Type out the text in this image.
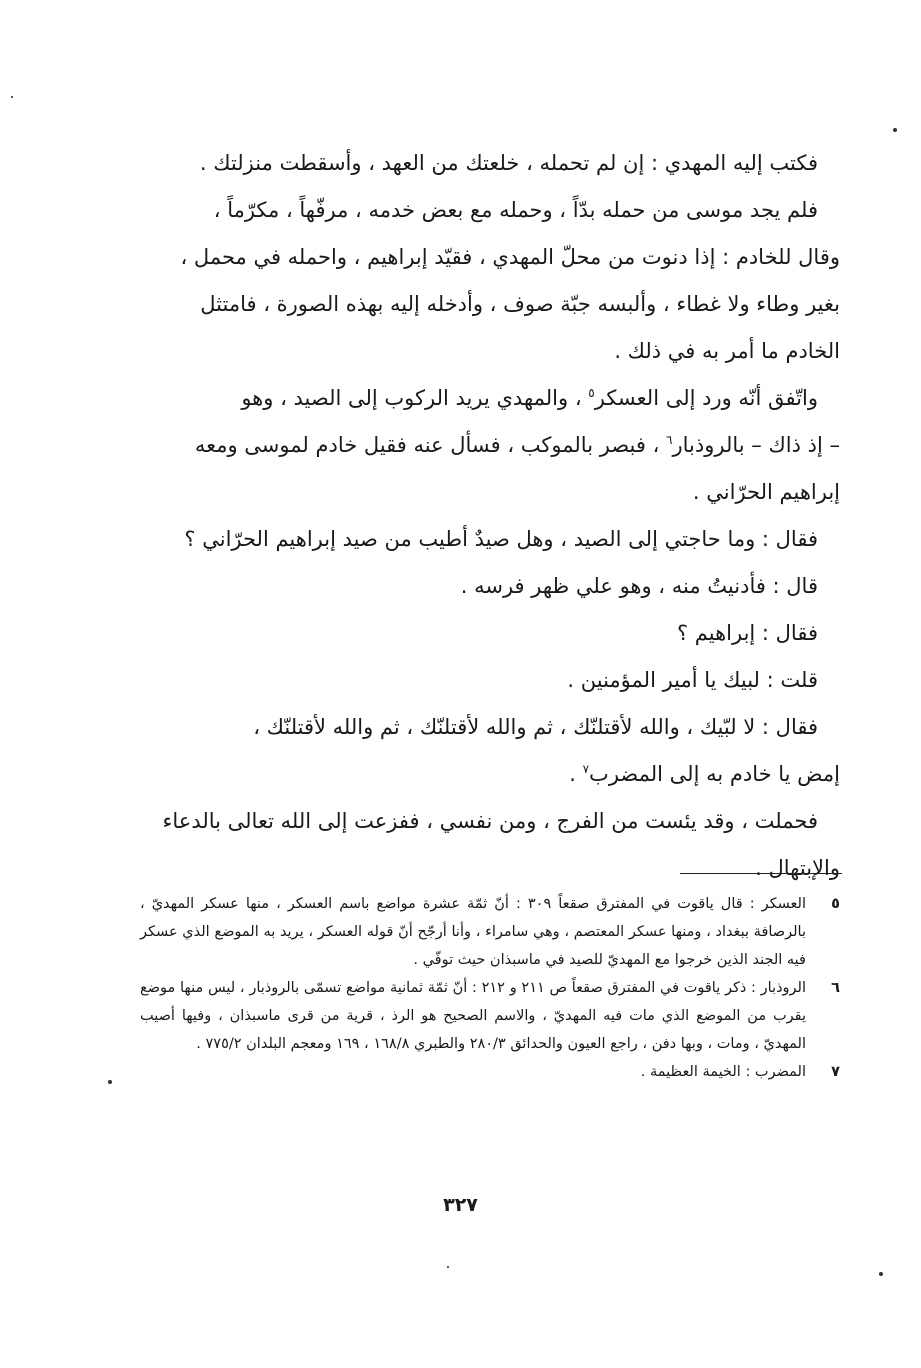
فكتب إليه المهدي : إن لم تحمله ، خلعتك من العهد ، وأسقطت منزلتك .

فلم يجد موسى من حمله بدّاً ، وحمله مع بعض خدمه ، مرفّهاً ، مكرّماً ،
وقال للخادم : إذا دنوت من محلّ المهدي ، فقيّد إبراهيم ، واحمله في محمل ،
بغير وطاء ولا غطاء ، وألبسه جبّة صوف ، وأدخله إليه بهذه الصورة ، فامتثل
الخادم ما أمر به في ذلك .

واتّفق أنّه ورد إلى العسكر$^٥$ ، والمهدي يريد الركوب إلى الصيد ، وهو
– إذ ذاك – بالروذبار$^٦$ ، فبصر بالموكب ، فسأل عنه فقيل خادم لموسى ومعه
إبراهيم الحرّاني .

فقال : وما حاجتي إلى الصيد ، وهل صيدٌ أطيب من صيد إبراهيم الحرّاني ؟

قال : فأدنيتُ منه ، وهو علي ظهر فرسه .

فقال : إبراهيم ؟

قلت : لبيك يا أمير المؤمنين .

فقال : لا لبّيك ، والله لأقتلنّك ، ثم والله لأقتلنّك ، ثم والله لأقتلنّك ،
إمض يا خادم به إلى المضرب$^٧$ .

فحملت ، وقد يئست من الفرج ، ومن نفسي ، ففزعت إلى الله تعالى بالدعاء
والإبتهال .

٥
العسكر : قال ياقوت في المفترق صقعاً ٣٠٩ : أنّ ثمّة عشرة مواضع باسم العسكر ، منها عسكر المهديّ ، بالرصافة ببغداد ، ومنها عسكر المعتصم ، وهي سامراء ، وأنا أرجّح أنّ قوله العسكر ، يريد به الموضع الذي عسكر فيه الجند الذين خرجوا مع المهديّ للصيد في ماسبذان حيث توفّي .
٦
الروذبار : ذكر ياقوت في المفترق صقعاً ص ٢١١ و ٢١٢ : أنّ ثمّة ثمانية مواضع تسمّى بالروذبار ، ليس منها موضع يقرب من الموضع الذي مات فيه المهديّ ، والاسم الصحيح هو الرذ ، قرية من قرى ماسبذان ، وفيها أصيب المهديّ ، ومات ، وبها دفن ، راجع العيون والحدائق ٢٨٠/٣ والطبري ١٦٨/٨ ، ١٦٩ ومعجم البلدان ٧٧٥/٢ .
٧
المضرب : الخيمة العظيمة .
٣٢٧
